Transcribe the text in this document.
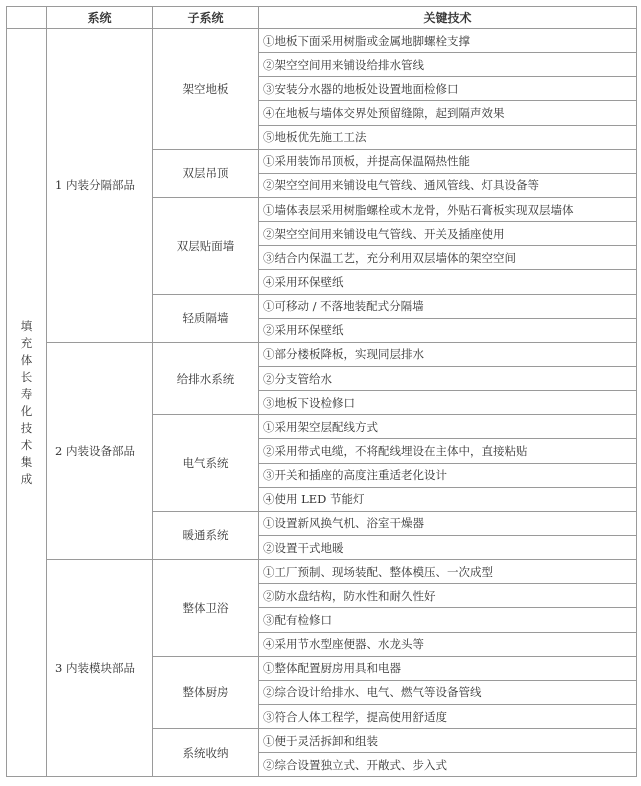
	系统	子系统	关键技术
填充体长寿化技术集成	1 内装分隔部品	架空地板	①地板下面采用树脂或金属地脚螺栓支撑
			②架空空间用来铺设给排水管线
			③安装分水器的地板处设置地面检修口
			④在地板与墙体交界处预留缝隙，起到隔声效果
			⑤地板优先施工工法
		双层吊顶	①采用装饰吊顶板，并提高保温隔热性能
			②架空空间用来铺设电气管线、通风管线、灯具设备等
		双层贴面墙	①墙体表层采用树脂螺栓或木龙骨，外贴石膏板实现双层墙体
			②架空空间用来铺设电气管线、开关及插座使用
			③结合内保温工艺，充分利用双层墙体的架空空间
			④采用环保壁纸
		轻质隔墙	①可移动 / 不落地装配式分隔墙
			②采用环保壁纸
	2 内装设备部品	给排水系统	①部分楼板降板，实现同层排水
			②分支管给水
			③地板下设检修口
		电气系统	①采用架空层配线方式
			②采用带式电缆，不将配线埋设在主体中，直接粘贴
			③开关和插座的高度注重适老化设计
			④使用 LED 节能灯
		暖通系统	①设置新风换气机、浴室干燥器
			②设置干式地暖
	3 内装模块部品	整体卫浴	①工厂预制、现场装配、整体模压、一次成型
			②防水盘结构，防水性和耐久性好
			③配有检修口
			④采用节水型座便器、水龙头等
		整体厨房	①整体配置厨房用具和电器
			②综合设计给排水、电气、燃气等设备管线
			③符合人体工程学，提高使用舒适度
		系统收纳	①便于灵活拆卸和组装
			②综合设置独立式、开敞式、步入式
